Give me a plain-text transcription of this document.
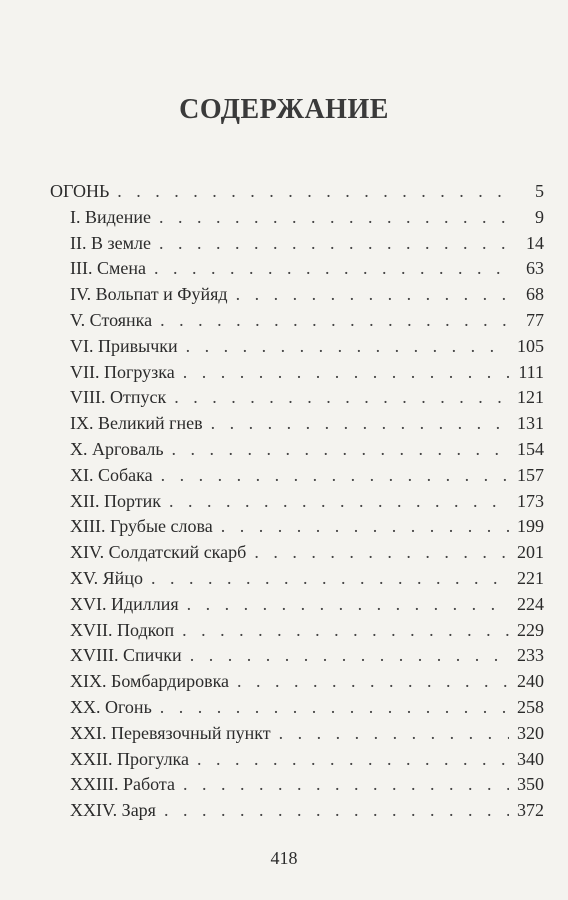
СОДЕРЖАНИЕ
ОГОНЬ . . .	5
I. Видение . . .	9
II. В земле . . .	14
III. Смена . . .	63
IV. Вольпат и Фуйяд . . .	68
V. Стоянка . . .	77
VI. Привычки . . .	105
VII. Погрузка . . .	111
VIII. Отпуск . . .	121
IX. Великий гнев . . .	131
X. Арговаль . . .	154
XI. Собака . . .	157
XII. Портик . . .	173
XIII. Грубые слова . . .	199
XIV. Солдатский скарб . . .	201
XV. Яйцо . . .	221
XVI. Идиллия . . .	224
XVII. Подкоп . . .	229
XVIII. Спички . . .	233
XIX. Бомбардировка . . .	240
XX. Огонь . . .	258
XXI. Перевязочный пункт . . .	320
XXII. Прогулка . . .	340
XXIII. Работа . . .	350
XXIV. Заря . . .	372
418
